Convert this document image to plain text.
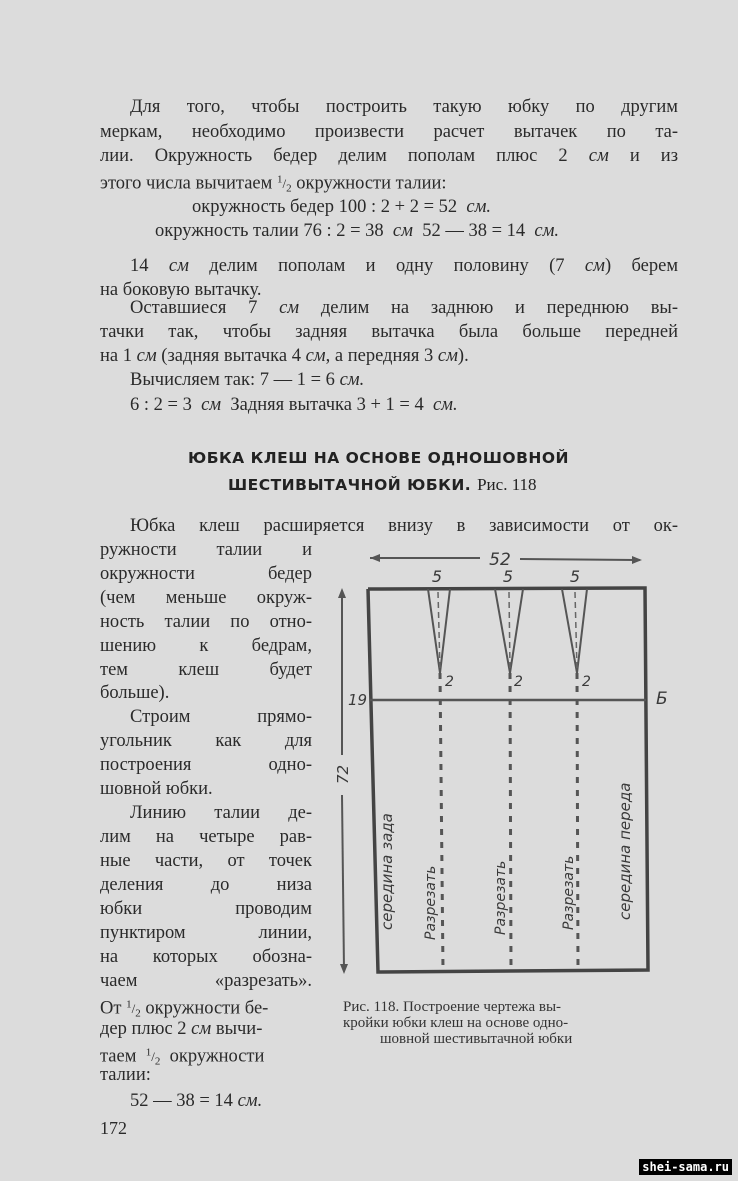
Для того, чтобы построить такую юбку по другим
меркам, необходимо произвести расчет вытачек по та-
лии. Окружность бедер делим пополам плюс 2 см и из
этого числа вычитаем $^1/_2$ окружности талии:
окружность бедер 100 : 2 + 2 = 52 см.
окружность талии 76 : 2 = 38 см 52 — 38 = 14 см.
14 см делим пополам и одну половину (7 см) берем
на боковую вытачку.
Оставшиеся 7 см делим на заднюю и переднюю вы-
тачки так, чтобы задняя вытачка была больше передней
на 1 см (задняя вытачка 4 см, а передняя 3 см).
Вычисляем так: 7 — 1 = 6 см.
6 : 2 = 3 см Задняя вытачка 3 + 1 = 4 см.
ЮБКА КЛЕШ НА ОСНОВЕ ОДНОШОВНОЙ
ШЕСТИВЫТАЧНОЙ ЮБКИ. Рис. 118
Юбка клеш расширяется внизу в зависимости от ок-
ружности талии и
окружности бедер
(чем меньше окруж-
ность талии по отно-
шению к бедрам,
тем клеш будет
больше).
Строим прямо-
угольник как для
построения одно-
шовной юбки.
Линию талии де-
лим на четыре рав-
ные части, от точек
деления до низа
юбки проводим
пунктиром линии,
на которых обозна-
чаем «разрезать».
От $^1/_2$ окружности бе-
дер плюс 2 см вычи-
таем $^1/_2$ окружности
талии:
52 — 38 = 14 см.
172
52
5	5	5
2	2	2
19	Б
72
середина зада Разрезать	Разрезать	Разрезать	середина переда
Рис. 118. Построение чертежа вы-
кройки юбки клеш на основе одно-
шовной шестивытачной юбки
shei-sama.ru
